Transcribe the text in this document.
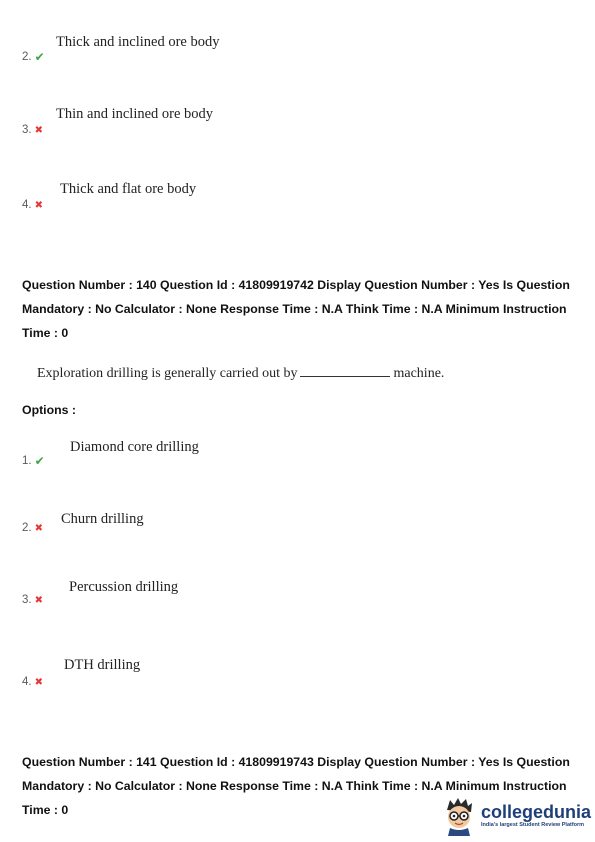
Thick and inclined ore body
2. ✔
Thin and inclined ore body
3. ✖
Thick and flat ore body
4. ✖
Question Number : 140 Question Id : 41809919742 Display Question Number : Yes Is Question
Mandatory : No Calculator : None Response Time : N.A Think Time : N.A Minimum Instruction
Time : 0
Exploration drilling is generally carried out by	machine.
Options :
Diamond core drilling
1. ✔
Churn drilling
2. ✖
Percussion drilling
3. ✖
DTH drilling
4. ✖
Question Number : 141 Question Id : 41809919743 Display Question Number : Yes Is Question
Mandatory : No Calculator : None Response Time : N.A Think Time : N.A Minimum Instruction
Time : 0	collegedunia
India's largest Student Review Platform
